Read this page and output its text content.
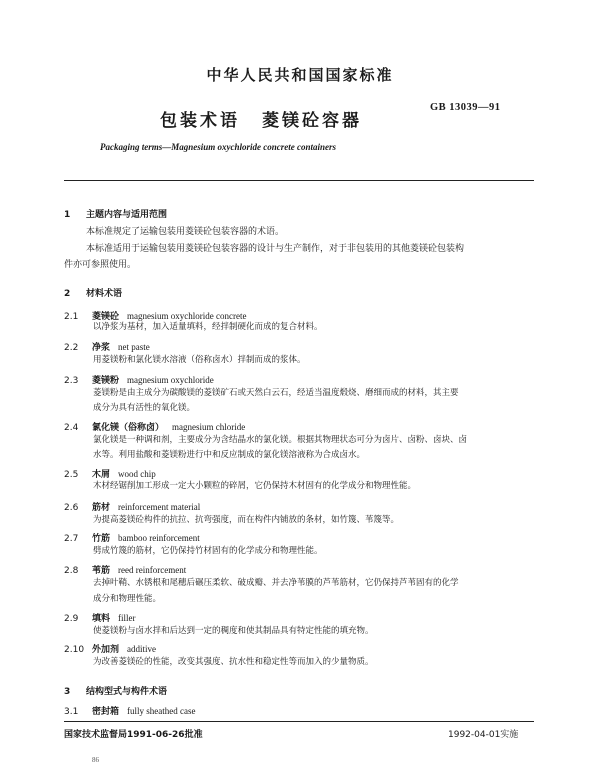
中华人民共和国国家标准
包装术语 菱镁砼容器
GB 13039—91
Packaging terms—Magnesium oxychloride concrete containers
1 主题内容与适用范围
本标准规定了运输包装用菱镁砼包装容器的术语。
本标准适用于运输包装用菱镁砼包装容器的设计与生产制作，对于非包装用的其他菱镁砼包装构
件亦可参照使用。
2 材料术语
2.1 菱镁砼 magnesium oxychloride concrete
以净浆为基材，加入适量填料，经拌制硬化而成的复合材料。
2.2 净浆 net paste
用菱镁粉和氯化镁水溶液（俗称卤水）拌制而成的浆体。
2.3 菱镁粉 magnesium oxychloride
菱镁粉是由主成分为碳酸镁的菱镁矿石或天然白云石，经适当温度煅烧、磨细而成的材料，其主要
成分为具有活性的氧化镁。
2.4 氯化镁（俗称卤） magnesium chloride
氯化镁是一种调和剂，主要成分为含结晶水的氯化镁。根据其物理状态可分为卤片、卤粉、卤块、卤
水等。利用盐酸和菱镁粉进行中和反应制成的氯化镁溶液称为合成卤水。
2.5 木屑 wood chip
木材经锯削加工形成一定大小颗粒的碎屑，它仍保持木材固有的化学成分和物理性能。
2.6 筋材 reinforcement material
为提高菱镁砼构件的抗拉、抗弯强度，而在构件内铺放的条材，如竹篾、苇篾等。
2.7 竹筋 bamboo reinforcement
劈成竹篾的筋材，它仍保持竹材固有的化学成分和物理性能。
2.8 苇筋 reed reinforcement
去掉叶鞘、水锈根和尾穗后碾压柔软、破成瓣、并去净苇膜的芦苇筋材，它仍保持芦苇固有的化学
成分和物理性能。
2.9 填料 filler
使菱镁粉与卤水拌和后达到一定的稠度和使其制品具有特定性能的填充物。
2.10 外加剂 additive
为改善菱镁砼的性能，改变其强度、抗水性和稳定性等而加入的少量物质。
3 结构型式与构件术语
3.1 密封箱 fully sheathed case
国家技术监督局1991-06-26批准	1992-04-01实施
86
